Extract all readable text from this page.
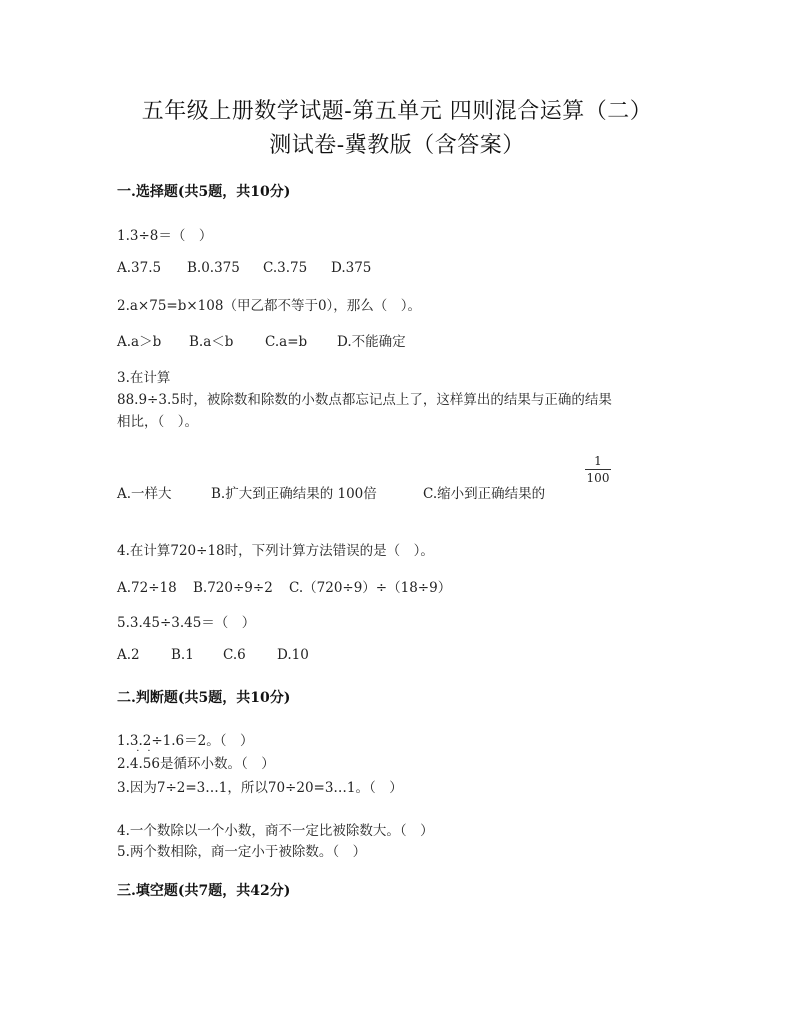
五年级上册数学试题-第五单元 四则混合运算（二）
测试卷-冀教版（含答案）
一.选择题(共5题，共10分)
1.3÷8＝（　）
A.37.5 B.0.375 C.3.75 D.375
2.a×75=b×108（甲乙都不等于0），那么（　）。
A.a＞b B.a＜b C.a=b D.不能确定
3.在计算
88.9÷3.5时，被除数和除数的小数点都忘记点上了，这样算出的结果与正确的结果
相比，（　）。
A.一样大	B.扩大到正确结果的 100倍	C.缩小到正确结果的
1
100
4.在计算720÷18时，下列计算方法错误的是（　）。
A.72÷18 B.720÷9÷2 C.（720÷9）÷（18÷9）
5.3.45÷3.45＝（　）
A.2 B.1 C.6 D.10
二.判断题(共5题，共10分)
1.3.2÷1.6＝2。（　）
2.
· ·
4.56是循环小数。（　）
3.因为7÷2=3…1，所以70÷20=3…1。（　）
4.一个数除以一个小数，商不一定比被除数大。（　）
5.两个数相除，商一定小于被除数。（　）
三.填空题(共7题，共42分)
